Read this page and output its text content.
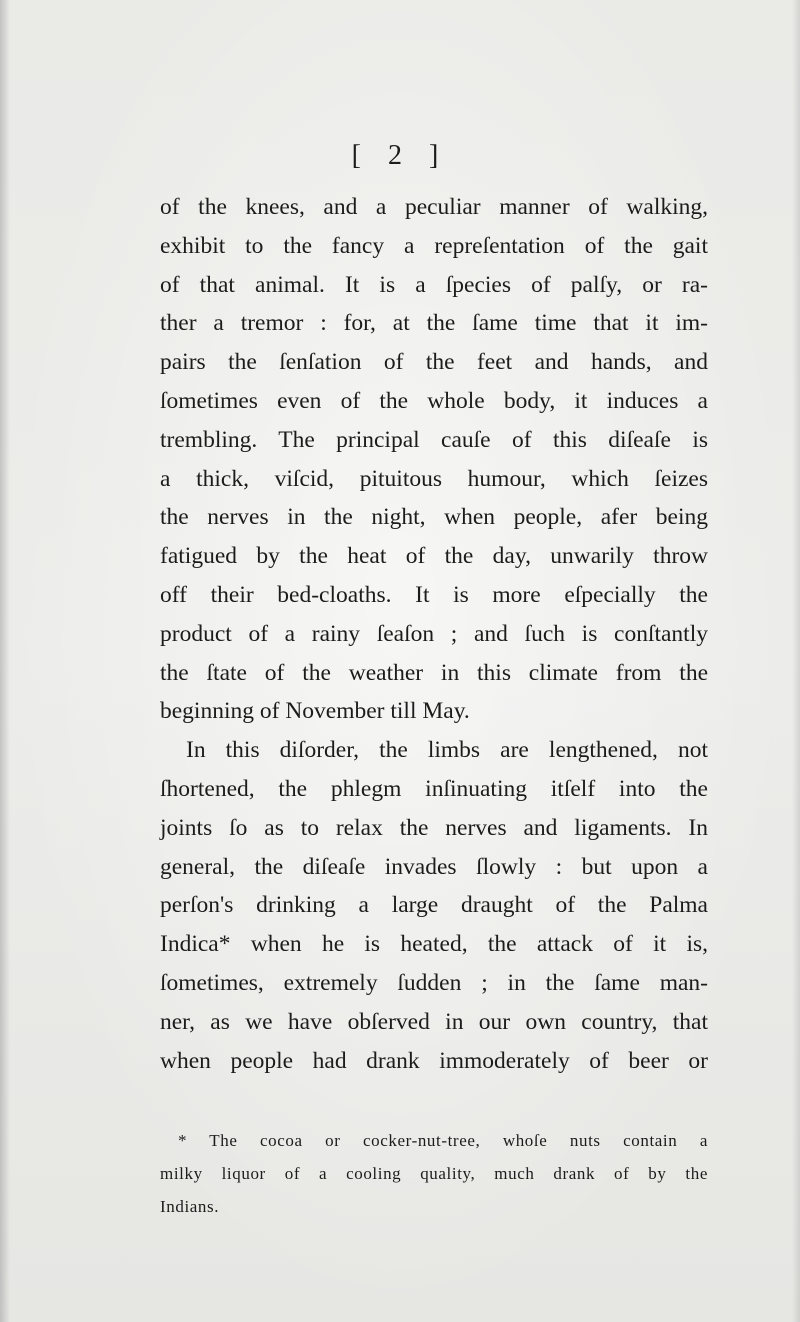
[ 2 ]
of the knees, and a peculiar manner of walking,
exhibit to the fancy a repreſentation of the gait
of that animal. It is a ſpecies of palſy, or ra-
ther a tremor : for, at the ſame time that it im-
pairs the ſenſation of the feet and hands, and
ſometimes even of the whole body, it induces a
trembling. The principal cauſe of this diſeaſe is
a thick, viſcid, pituitous humour, which ſeizes
the nerves in the night, when people, afer being
fatigued by the heat of the day, unwarily throw
off their bed-cloaths. It is more eſpecially the
product of a rainy ſeaſon ; and ſuch is conſtantly
the ſtate of the weather in this climate from the
beginning of November till May.
In this diſorder, the limbs are lengthened, not
ſhortened, the phlegm inſinuating itſelf into the
joints ſo as to relax the nerves and ligaments. In
general, the diſeaſe invades ſlowly : but upon a
perſon's drinking a large draught of the Palma
Indica* when he is heated, the attack of it is,
ſometimes, extremely ſudden ; in the ſame man-
ner, as we have obſerved in our own country, that
when people had drank immoderately of beer or
* The cocoa or cocker-nut-tree, whoſe nuts contain a
milky liquor of a cooling quality, much drank of by the
Indians.
